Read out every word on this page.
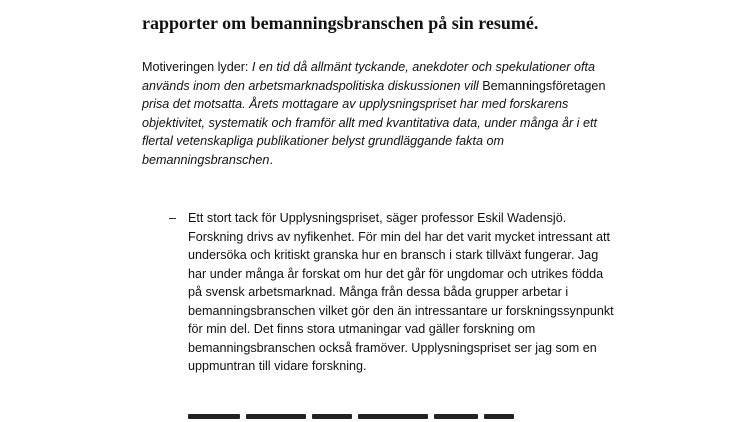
rapporter om bemanningsbranschen på sin resumé.

Motiveringen lyder: I en tid då allmänt tyckande, anekdoter och spekulationer ofta används inom den arbetsmarknadspolitiska diskussionen vill Bemanningsföretagen prisa det motsatta. Årets mottagare av upplysningspriset har med forskarens objektivitet, systematik och framför allt med kvantitativa data, under många år i ett flertal vetenskapliga publikationer belyst grundläggande fakta om bemanningsbranschen.

– Ett stort tack för Upplysningspriset, säger professor Eskil Wadensjö. Forskning drivs av nyfikenhet. För min del har det varit mycket intressant att undersöka och kritiskt granska hur en bransch i stark tillväxt fungerar. Jag har under många år forskat om hur det går för ungdomar och utrikes födda på svensk arbetsmarknad. Många från dessa båda grupper arbetar i bemanningsbranschen vilket gör den än intressantare ur forskningssynpunkt för min del. Det finns stora utmaningar vad gäller forskning om bemanningsbranschen också framöver. Upplysningspriset ser jag som en uppmuntran till vidare forskning.
